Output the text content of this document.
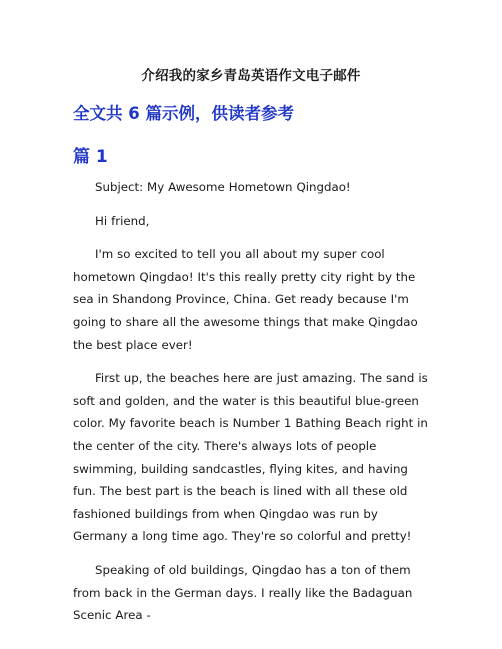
介绍我的家乡青岛英语作文电子邮件
全文共 6 篇示例，供读者参考
篇 1

Subject: My Awesome Hometown Qingdao!

Hi friend,

I'm so excited to tell you all about my super cool hometown Qingdao! It's this really pretty city right by the sea in Shandong Province, China. Get ready because I'm going to share all the awesome things that make Qingdao the best place ever!

First up, the beaches here are just amazing. The sand is soft and golden, and the water is this beautiful blue-green color. My favorite beach is Number 1 Bathing Beach right in the center of the city. There's always lots of people swimming, building sandcastles, flying kites, and having fun. The best part is the beach is lined with all these old fashioned buildings from when Qingdao was run by Germany a long time ago. They're so colorful and pretty!

Speaking of old buildings, Qingdao has a ton of them from back in the German days. I really like the Badaguan Scenic Area -
